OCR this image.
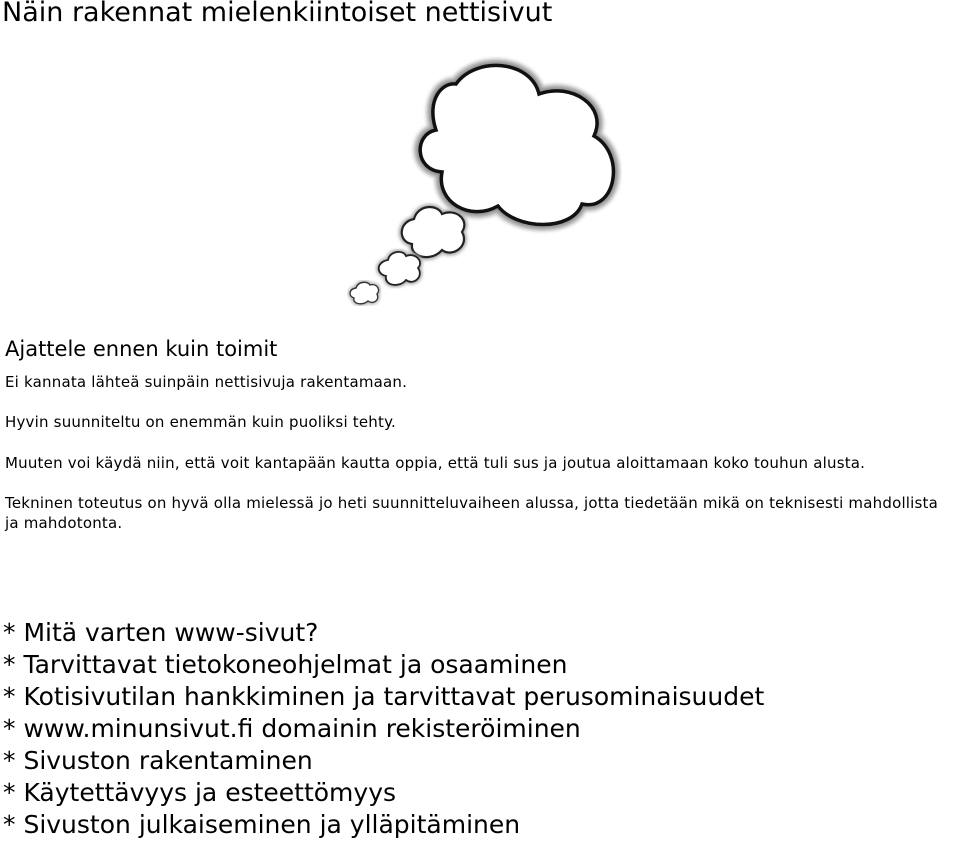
Näin rakennat mielenkiintoiset nettisivut
Ajattele ennen kuin toimit

Ei kannata lähteä suinpäin nettisivuja rakentamaan.

Hyvin suunniteltu on enemmän kuin puoliksi tehty.

Muuten voi käydä niin, että voit kantapään kautta oppia, että tuli sus ja joutua aloittamaan koko touhun alusta.

Tekninen toteutus on hyvä olla mielessä jo heti suunnitteluvaiheen alussa, jotta tiedetään mikä on teknisesti mahdollista ja mahdotonta.

* Mitä varten www-sivut?
* Tarvittavat tietokoneohjelmat ja osaaminen
* Kotisivutilan hankkiminen ja tarvittavat perusominaisuudet
* www.minunsivut.fi domainin rekisteröiminen
* Sivuston rakentaminen
* Käytettävyys ja esteettömyys
* Sivuston julkaiseminen ja ylläpitäminen
